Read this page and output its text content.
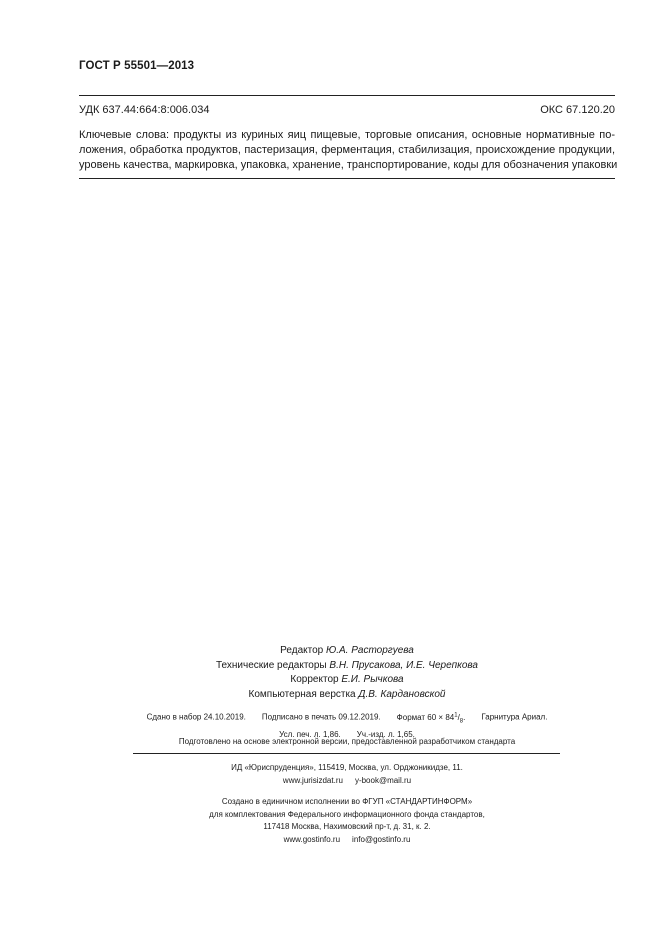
ГОСТ Р 55501—2013
УДК 637.44:664:8:006.034	ОКС 67.120.20
Ключевые слова: продукты из куриных яиц пищевые, торговые описания, основные нормативные по-
ложения, обработка продуктов, пастеризация, ферментация, стабилизация, происхождение продукции,
уровень качества, маркировка, упаковка, хранение, транспортирование, коды для обозначения упаковки
Редактор Ю.А. Расторгуева
Технические редакторы В.Н. Прусакова, И.Е. Черепкова
Корректор Е.И. Рычкова
Компьютерная верстка Д.В. Кардановской
Сдано в набор 24.10.2019. Подписано в печать 09.12.2019. Формат $60 \times 84^1/_8$. Гарнитура Ариал.
Усл. печ. л. 1,86. Уч.-изд. л. 1,65.
Подготовлено на основе электронной версии, предоставленной разработчиком стандарта
ИД «Юриспруденция», 115419, Москва, ул. Орджоникидзе, 11.
www.jurisizdat.ru y-book@mail.ru
Создано в единичном исполнении во ФГУП «СТАНДАРТИНФОРМ»
для комплектования Федерального информационного фонда стандартов,
117418 Москва, Нахимовский пр-т, д. 31, к. 2.
www.gostinfo.ru info@gostinfo.ru
